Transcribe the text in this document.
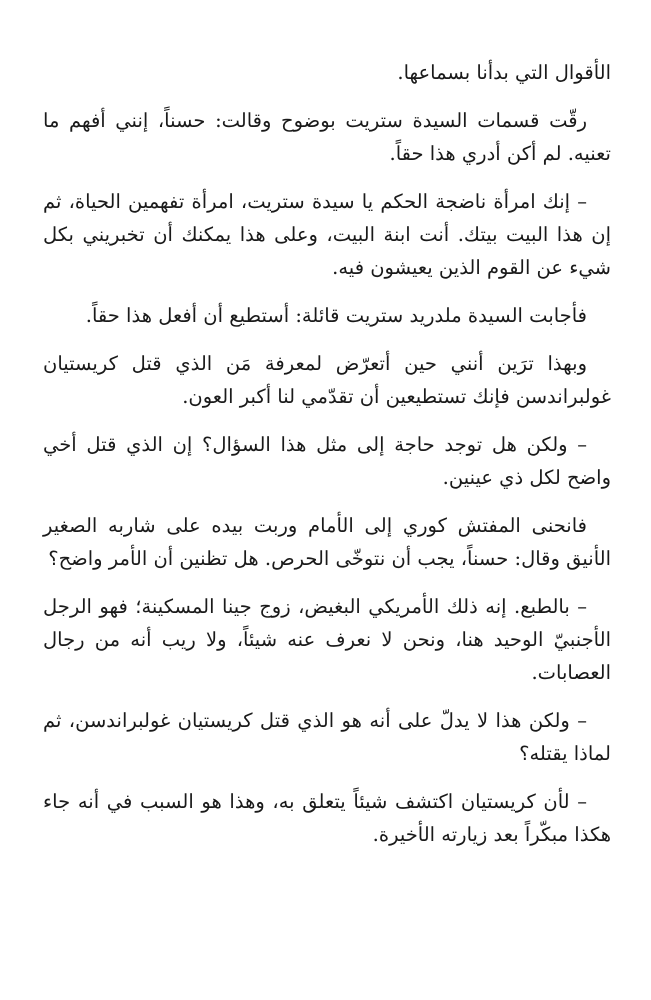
الأقوال التي بدأنا بسماعها.

رقّت قسمات السيدة ستريت بوضوح وقالت: حسناً، إنني أفهم ما تعنيه. لم أكن أدري هذا حقاً.

– إنك امرأة ناضجة الحكم يا سيدة ستريت، امرأة تفهمين الحياة، ثم إن هذا البيت بيتك. أنت ابنة البيت، وعلى هذا يمكنك أن تخبريني بكل شيء عن القوم الذين يعيشون فيه.

فأجابت السيدة ملدريد ستريت قائلة: أستطيع أن أفعل هذا حقاً.

وبهذا ترَين أنني حين أتعرّض لمعرفة مَن الذي قتل كريستيان غولبراندسن فإنك تستطيعين أن تقدّمي لنا أكبر العون.

– ولكن هل توجد حاجة إلى مثل هذا السؤال؟ إن الذي قتل أخي واضح لكل ذي عينين.

فانحنى المفتش كوري إلى الأمام وربت بيده على شاربه الصغير الأنيق وقال: حسناً، يجب أن نتوخّى الحرص. هل تظنين أن الأمر واضح؟

– بالطبع. إنه ذلك الأمريكي البغيض، زوج جينا المسكينة؛ فهو الرجل الأجنبيّ الوحيد هنا، ونحن لا نعرف عنه شيئاً، ولا ريب أنه من رجال العصابات.

– ولكن هذا لا يدلّ على أنه هو الذي قتل كريستيان غولبراندسن، ثم لماذا يقتله؟

– لأن كريستيان اكتشف شيئاً يتعلق به، وهذا هو السبب في أنه جاء هكذا مبكّراً بعد زيارته الأخيرة.
